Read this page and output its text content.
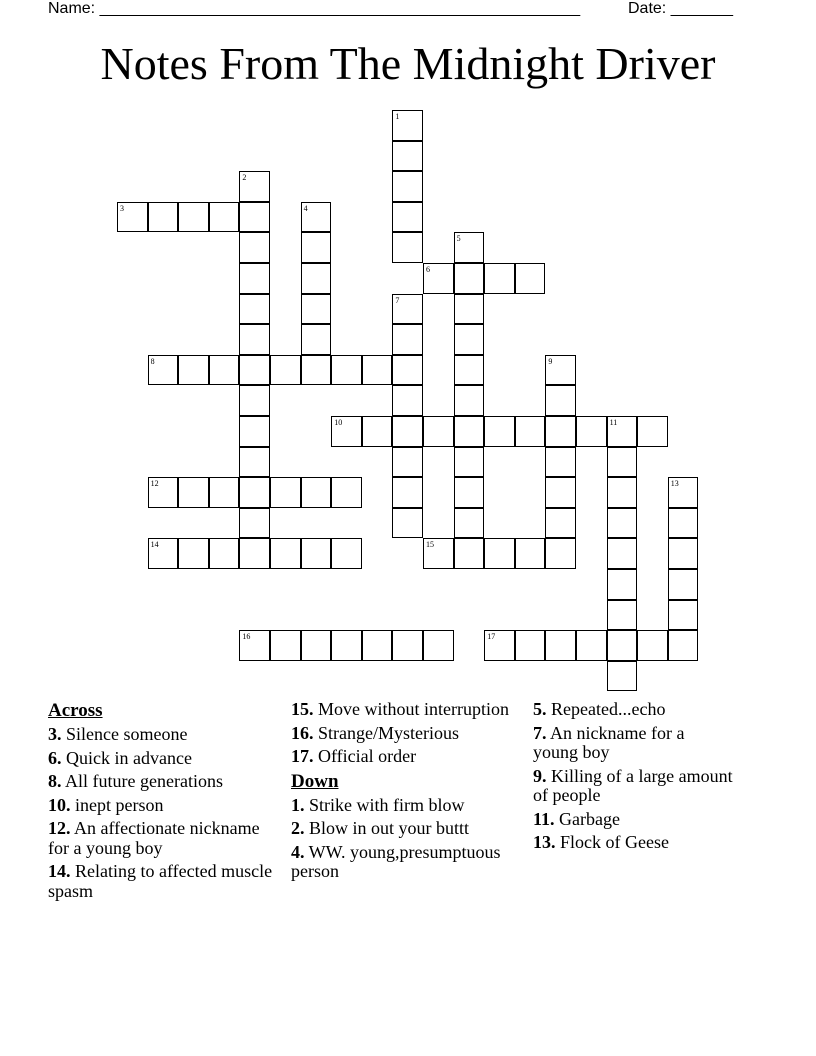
Name: ______________________________________________________	Date: _______
Notes From The Midnight Driver
1
2
3	4
5
6
7
8	9
10	11
12	13
14	15
16	17
Across
3. Silence someone
6. Quick in advance
8. All future generations
10. inept person
12. An affectionate nickname for a young boy
14. Relating to affected muscle spasm
15. Move without interruption
16. Strange/Mysterious
17. Official order
Down
1. Strike with firm blow
2. Blow in out your buttt
4. WW. young,presumptuous person
5. Repeated...echo
7. An nickname for a young boy
9. Killing of a large amount of people
11. Garbage
13. Flock of Geese
